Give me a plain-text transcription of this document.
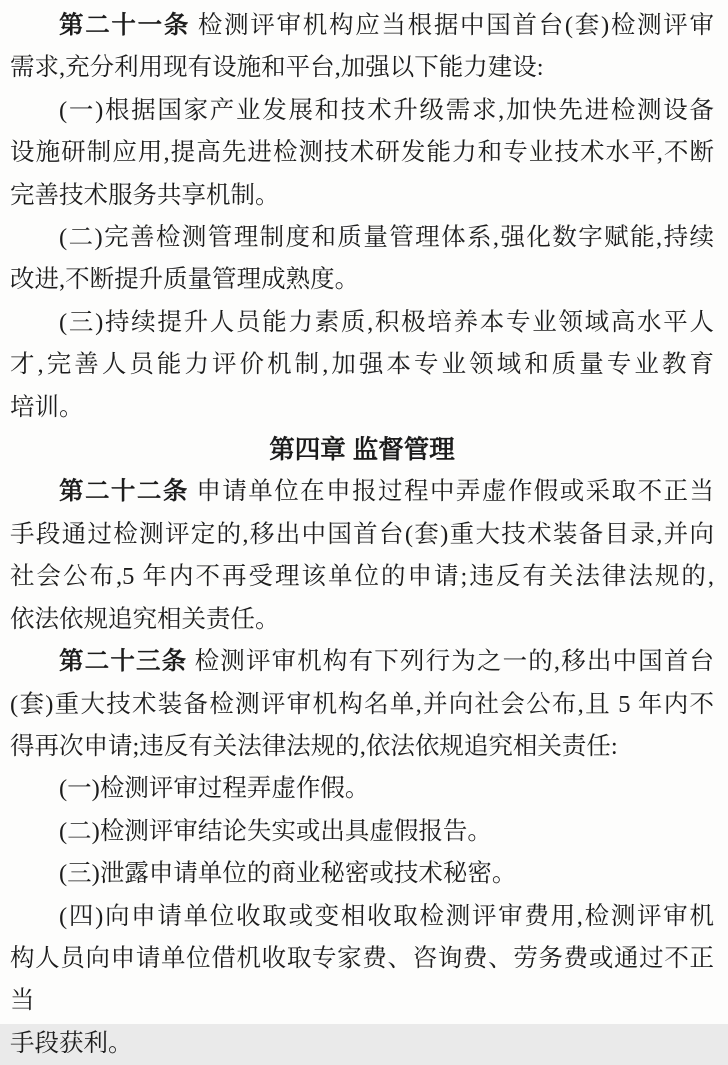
第二十一条 检测评审机构应当根据中国首台(套)检测评审
需求,充分利用现有设施和平台,加强以下能力建设:
(一)根据国家产业发展和技术升级需求,加快先进检测设备
设施研制应用,提高先进检测技术研发能力和专业技术水平,不断
完善技术服务共享机制。
(二)完善检测管理制度和质量管理体系,强化数字赋能,持续
改进,不断提升质量管理成熟度。
(三)持续提升人员能力素质,积极培养本专业领域高水平人
才,完善人员能力评价机制,加强本专业领域和质量专业教育
培训。
第四章 监督管理
第二十二条 申请单位在申报过程中弄虚作假或采取不正当
手段通过检测评定的,移出中国首台(套)重大技术装备目录,并向
社会公布,5 年内不再受理该单位的申请;违反有关法律法规的,
依法依规追究相关责任。
第二十三条 检测评审机构有下列行为之一的,移出中国首台
(套)重大技术装备检测评审机构名单,并向社会公布,且 5 年内不
得再次申请;违反有关法律法规的,依法依规追究相关责任:
(一)检测评审过程弄虚作假。
(二)检测评审结论失实或出具虚假报告。
(三)泄露申请单位的商业秘密或技术秘密。
(四)向申请单位收取或变相收取检测评审费用,检测评审机
构人员向申请单位借机收取专家费、咨询费、劳务费或通过不正当
手段获利。
